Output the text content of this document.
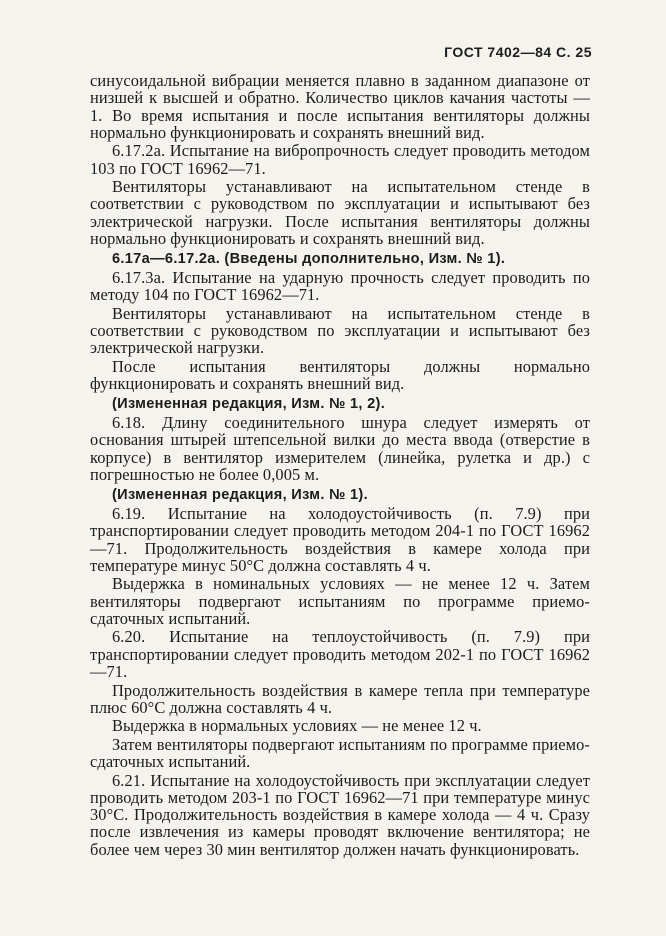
ГОСТ 7402—84 С. 25

синусоидальной вибрации меняется плавно в заданном диапазоне от низшей к высшей и обратно. Количество циклов качания частоты — 1. Во время испытания и после испытания вентиляторы должны нормально функционировать и сохранять внешний вид.

6.17.2а. Испытание на вибропрочность следует проводить методом 103 по ГОСТ 16962—71.

Вентиляторы устанавливают на испытательном стенде в соответствии с руководством по эксплуатации и испытывают без электрической нагрузки. После испытания вентиляторы должны нормально функционировать и сохранять внешний вид.

6.17а—6.17.2а. (Введены дополнительно, Изм. № 1).

6.17.3а. Испытание на ударную прочность следует проводить по методу 104 по ГОСТ 16962—71.

Вентиляторы устанавливают на испытательном стенде в соответствии с руководством по эксплуатации и испытывают без электрической нагрузки.

После испытания вентиляторы должны нормально функционировать и сохранять внешний вид.

(Измененная редакция, Изм. № 1, 2).

6.18. Длину соединительного шнура следует измерять от основания штырей штепсельной вилки до места ввода (отверстие в корпусе) в вентилятор измерителем (линейка, рулетка и др.) с погрешностью не более 0,005 м.

(Измененная редакция, Изм. № 1).

6.19. Испытание на холодоустойчивость (п. 7.9) при транспортировании следует проводить методом 204-1 по ГОСТ 16962—71. Продолжительность воздействия в камере холода при температуре минус 50°С должна составлять 4 ч.

Выдержка в номинальных условиях — не менее 12 ч. Затем вентиляторы подвергают испытаниям по программе приемо-сдаточных испытаний.

6.20. Испытание на теплоустойчивость (п. 7.9) при транспортировании следует проводить методом 202-1 по ГОСТ 16962—71.

Продолжительность воздействия в камере тепла при температуре плюс 60°С должна составлять 4 ч.

Выдержка в нормальных условиях — не менее 12 ч.

Затем вентиляторы подвергают испытаниям по программе приемо-сдаточных испытаний.

6.21. Испытание на холодоустойчивость при эксплуатации следует проводить методом 203-1 по ГОСТ 16962—71 при температуре минус 30°С. Продолжительность воздействия в камере холода — 4 ч. Сразу после извлечения из камеры проводят включение вентилятора; не более чем через 30 мин вентилятор должен начать функционировать.
